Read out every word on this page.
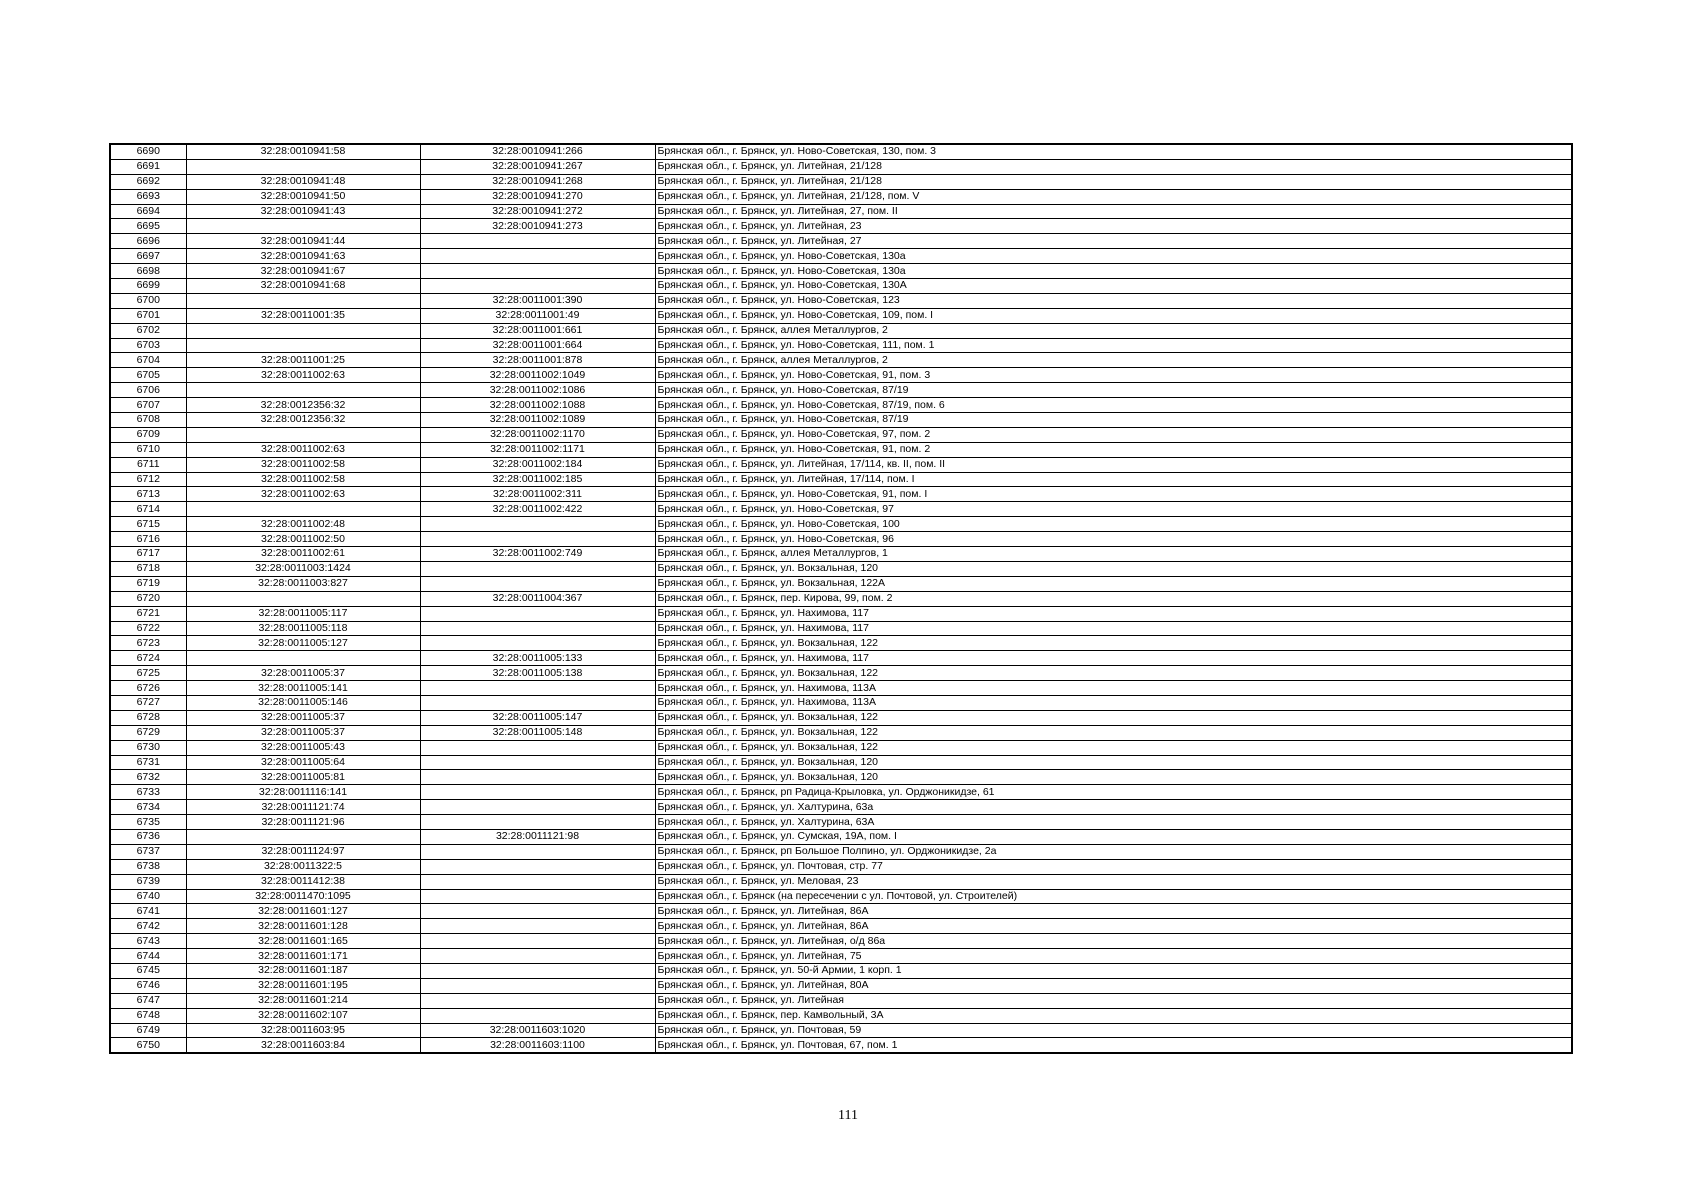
6690	32:28:0010941:58	32:28:0010941:266	Брянская обл., г. Брянск, ул. Ново-Советская, 130, пом. 3
6691		32:28:0010941:267	Брянская обл., г. Брянск, ул. Литейная, 21/128
6692	32:28:0010941:48	32:28:0010941:268	Брянская обл., г. Брянск, ул. Литейная, 21/128
6693	32:28:0010941:50	32:28:0010941:270	Брянская обл., г. Брянск, ул. Литейная, 21/128, пом. V
6694	32:28:0010941:43	32:28:0010941:272	Брянская обл., г. Брянск, ул. Литейная, 27, пом. II
6695		32:28:0010941:273	Брянская обл., г. Брянск, ул. Литейная, 23
6696	32:28:0010941:44		Брянская обл., г. Брянск, ул. Литейная, 27
6697	32:28:0010941:63		Брянская обл., г. Брянск, ул. Ново-Советская, 130а
6698	32:28:0010941:67		Брянская обл., г. Брянск, ул. Ново-Советская, 130а
6699	32:28:0010941:68		Брянская обл., г. Брянск, ул. Ново-Советская, 130А
6700		32:28:0011001:390	Брянская обл., г. Брянск, ул. Ново-Советская, 123
6701	32:28:0011001:35	32:28:0011001:49	Брянская обл., г. Брянск, ул. Ново-Советская, 109, пом. I
6702		32:28:0011001:661	Брянская обл., г. Брянск, аллея Металлургов, 2
6703		32:28:0011001:664	Брянская обл., г. Брянск, ул. Ново-Советская, 111, пом. 1
6704	32:28:0011001:25	32:28:0011001:878	Брянская обл., г. Брянск, аллея Металлургов, 2
6705	32:28:0011002:63	32:28:0011002:1049	Брянская обл., г. Брянск, ул. Ново-Советская, 91, пом. 3
6706		32:28:0011002:1086	Брянская обл., г. Брянск, ул. Ново-Советская, 87/19
6707	32:28:0012356:32	32:28:0011002:1088	Брянская обл., г. Брянск, ул. Ново-Советская, 87/19, пом. 6
6708	32:28:0012356:32	32:28:0011002:1089	Брянская обл., г. Брянск, ул. Ново-Советская, 87/19
6709		32:28:0011002:1170	Брянская обл., г. Брянск, ул. Ново-Советская, 97, пом. 2
6710	32:28:0011002:63	32:28:0011002:1171	Брянская обл., г. Брянск, ул. Ново-Советская, 91, пом. 2
6711	32:28:0011002:58	32:28:0011002:184	Брянская обл., г. Брянск, ул. Литейная, 17/114, кв. II, пом. II
6712	32:28:0011002:58	32:28:0011002:185	Брянская обл., г. Брянск, ул. Литейная, 17/114, пом. I
6713	32:28:0011002:63	32:28:0011002:311	Брянская обл., г. Брянск, ул. Ново-Советская, 91, пом. I
6714		32:28:0011002:422	Брянская обл., г. Брянск, ул. Ново-Советская, 97
6715	32:28:0011002:48		Брянская обл., г. Брянск, ул. Ново-Советская, 100
6716	32:28:0011002:50		Брянская обл., г. Брянск, ул. Ново-Советская, 96
6717	32:28:0011002:61	32:28:0011002:749	Брянская обл., г. Брянск, аллея Металлургов, 1
6718	32:28:0011003:1424		Брянская обл., г. Брянск, ул. Вокзальная, 120
6719	32:28:0011003:827		Брянская обл., г. Брянск, ул. Вокзальная, 122А
6720		32:28:0011004:367	Брянская обл., г. Брянск, пер. Кирова, 99, пом. 2
6721	32:28:0011005:117		Брянская обл., г. Брянск, ул. Нахимова, 117
6722	32:28:0011005:118		Брянская обл., г. Брянск, ул. Нахимова, 117
6723	32:28:0011005:127		Брянская обл., г. Брянск, ул. Вокзальная, 122
6724		32:28:0011005:133	Брянская обл., г. Брянск, ул. Нахимова, 117
6725	32:28:0011005:37	32:28:0011005:138	Брянская обл., г. Брянск, ул. Вокзальная, 122
6726	32:28:0011005:141		Брянская обл., г. Брянск, ул. Нахимова, 113А
6727	32:28:0011005:146		Брянская обл., г. Брянск, ул. Нахимова, 113А
6728	32:28:0011005:37	32:28:0011005:147	Брянская обл., г. Брянск, ул. Вокзальная, 122
6729	32:28:0011005:37	32:28:0011005:148	Брянская обл., г. Брянск, ул. Вокзальная, 122
6730	32:28:0011005:43		Брянская обл., г. Брянск, ул. Вокзальная, 122
6731	32:28:0011005:64		Брянская обл., г. Брянск, ул. Вокзальная, 120
6732	32:28:0011005:81		Брянская обл., г. Брянск, ул. Вокзальная, 120
6733	32:28:0011116:141		Брянская обл., г. Брянск, рп Радица-Крыловка, ул. Орджоникидзе, 61
6734	32:28:0011121:74		Брянская обл., г. Брянск, ул. Халтурина, 63а
6735	32:28:0011121:96		Брянская обл., г. Брянск, ул. Халтурина, 63А
6736		32:28:0011121:98	Брянская обл., г. Брянск, ул. Сумская, 19А, пом. I
6737	32:28:0011124:97		Брянская обл., г. Брянск, рп Большое Полпино, ул. Орджоникидзе, 2а
6738	32:28:0011322:5		Брянская обл., г. Брянск, ул. Почтовая, стр. 77
6739	32:28:0011412:38		Брянская обл., г. Брянск, ул. Меловая, 23
6740	32:28:0011470:1095		Брянская обл., г. Брянск (на пересечении с ул. Почтовой, ул. Строителей)
6741	32:28:0011601:127		Брянская обл., г. Брянск, ул. Литейная, 86А
6742	32:28:0011601:128		Брянская обл., г. Брянск, ул. Литейная, 86А
6743	32:28:0011601:165		Брянская обл., г. Брянск, ул. Литейная, о/д 86а
6744	32:28:0011601:171		Брянская обл., г. Брянск, ул. Литейная, 75
6745	32:28:0011601:187		Брянская обл., г. Брянск, ул. 50-й Армии, 1 корп. 1
6746	32:28:0011601:195		Брянская обл., г. Брянск, ул. Литейная, 80А
6747	32:28:0011601:214		Брянская обл., г. Брянск, ул. Литейная
6748	32:28:0011602:107		Брянская обл., г. Брянск, пер. Камвольный, 3А
6749	32:28:0011603:95	32:28:0011603:1020	Брянская обл., г. Брянск, ул. Почтовая, 59
6750	32:28:0011603:84	32:28:0011603:1100	Брянская обл., г. Брянск, ул. Почтовая, 67, пом. 1
111
